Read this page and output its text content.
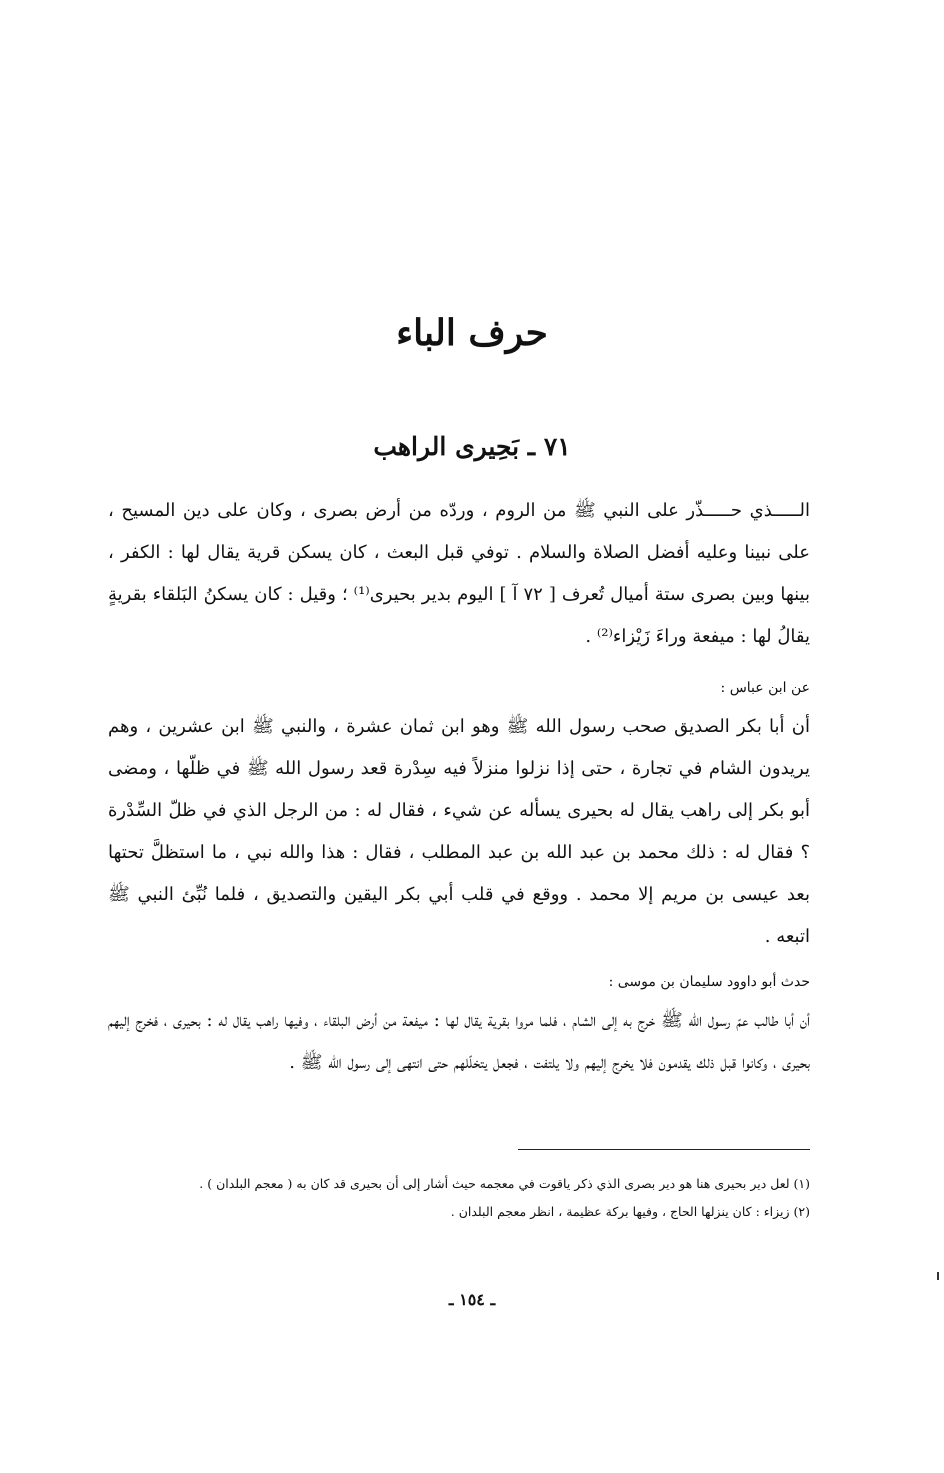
حرف الباء
٧١ ـ بَحِيرى الراهب

الـــــذي حـــــذّر على النبي ﷺ من الروم ، وردّه من أرض بصرى ، وكان على دين المسيح ، على نبينا وعليه أفضل الصلاة والسلام . توفي قبل البعث ، كان يسكن قرية يقال لها : الكفر ، بينها وبين بصرى ستة أميال تُعرف [ ٧٢ آ ] اليوم بدير بحيرى⁽¹⁾ ؛ وقيل : كان يسكنُ البَلقاء بقريةٍ يقالُ لها : ميفعة وراءَ زَيْزاء⁽²⁾ .

عن ابن عباس :

أن أبا بكر الصديق صحب رسول الله ﷺ وهو ابن ثمان عشرة ، والنبي ﷺ ابن عشرين ، وهم يريدون الشام في تجارة ، حتى إذا نزلوا منزلاً فيه سِدْرة قعد رسول الله ﷺ في ظلّها ، ومضى أبو بكر إلى راهب يقال له بحيرى يسأله عن شيء ، فقال له : من الرجل الذي في ظلّ السِّدْرة ؟ فقال له : ذلك محمد بن عبد الله بن عبد المطلب ، فقال : هذا والله نبي ، ما استظلَّ تحتها بعد عيسى بن مريم إلا محمد . ووقع في قلب أبي بكر اليقين والتصديق ، فلما نُبِّئ النبي ﷺ اتبعه .

حدث أبو داوود سليمان بن موسى :

أن أبا طالب عمّ رسول الله ﷺ خرج به إلى الشام ، فلما مروا بقرية يقال لها : ميفعة من أرض البلقاء ، وفيها راهب يقال له : بحيرى ، فخرج إليهم بحيرى ، وكانوا قبل ذلك يقدمون فلا يخرج إليهم ولا يلتفت ، فجعل يتخلّلهم حتى انتهى إلى رسول الله ﷺ .

(١) لعل دير بحيرى هنا هو دير بصرى الذي ذكر ياقوت في معجمه حيث أشار إلى أن بحيرى قد كان به ( معجم البلدان ) .
(٢) زيزاء : كان ينزلها الحاج ، وفيها بركة عظيمة ، انظر معجم البلدان .

ـ ١٥٤ ـ
